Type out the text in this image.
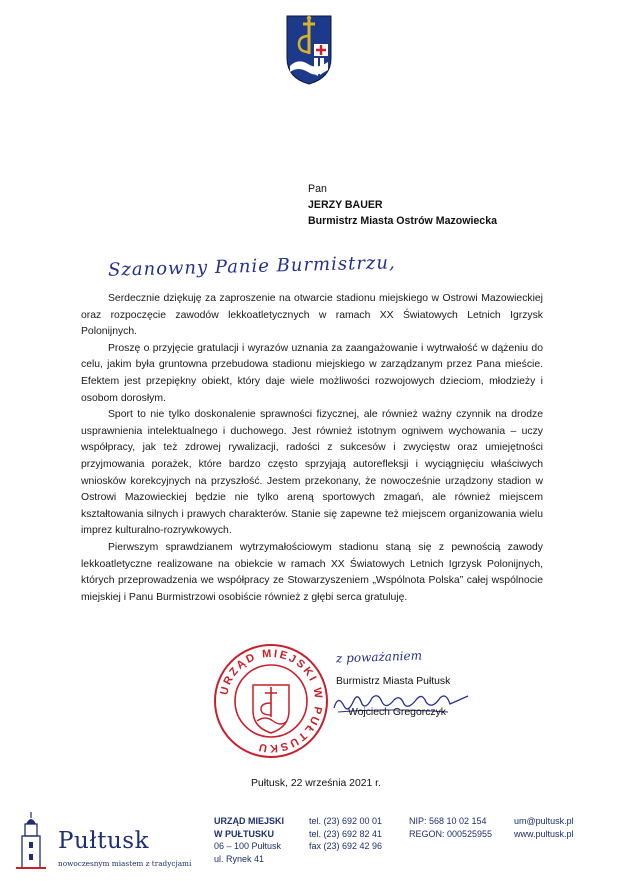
Pan
JERZY BAUER
Burmistrz Miasta Ostrów Mazowiecka
Szanowny Panie Burmistrzu,

Serdecznie dziękuję za zaproszenie na otwarcie stadionu miejskiego w Ostrowi Mazowieckiej oraz rozpoczęcie zawodów lekkoatletycznych w ramach XX Światowych Letnich Igrzysk Polonijnych.

Proszę o przyjęcie gratulacji i wyrazów uznania za zaangażowanie i wytrwałość w dążeniu do celu, jakim była gruntowna przebudowa stadionu miejskiego w zarządzanym przez Pana mieście. Efektem jest przepiękny obiekt, który daje wiele możliwości rozwojowych dzieciom, młodzieży i osobom dorosłym.

Sport to nie tylko doskonalenie sprawności fizycznej, ale również ważny czynnik na drodze usprawnienia intelektualnego i duchowego. Jest również istotnym ogniwem wychowania – uczy współpracy, jak też zdrowej rywalizacji, radości z sukcesów i zwycięstw oraz umiejętności przyjmowania porażek, które bardzo często sprzyjają autorefleksji i wyciągnięciu właściwych wniosków korekcyjnych na przyszłość. Jestem przekonany, że nowocześnie urządzony stadion w Ostrowi Mazowieckiej będzie nie tylko areną sportowych zmagań, ale również miejscem kształtowania silnych i prawych charakterów. Stanie się zapewne też miejscem organizowania wielu imprez kulturalno-rozrywkowych.

Pierwszym sprawdzianem wytrzymałościowym stadionu staną się z pewnością zawody lekkoatletyczne realizowane na obiekcie w ramach XX Światowych Letnich Igrzysk Polonijnych, których przeprowadzenia we współpracy ze Stowarzyszeniem „Wspólnota Polska” całej wspólnocie miejskiej i Panu Burmistrzowi osobiście również z głębi serca gratuluję.

URZĄD MIEJSKI W PUŁTUSKU
z poważaniem
Burmistrz Miasta Pułtusk
Wojciech Gregorczyk
Pułtusk, 22 września 2021 r.
Pułtusk
nowoczesnym miastem z tradycjami
URZĄD MIEJSKI
W PUŁTUSKU
06 – 100 Pułtusk
ul. Rynek 41
tel. (23) 692 00 01
tel. (23) 692 82 41
fax (23) 692 42 96
NIP: 568 10 02 154
REGON: 000525955
um@pultusk.pl
www.pultusk.pl
